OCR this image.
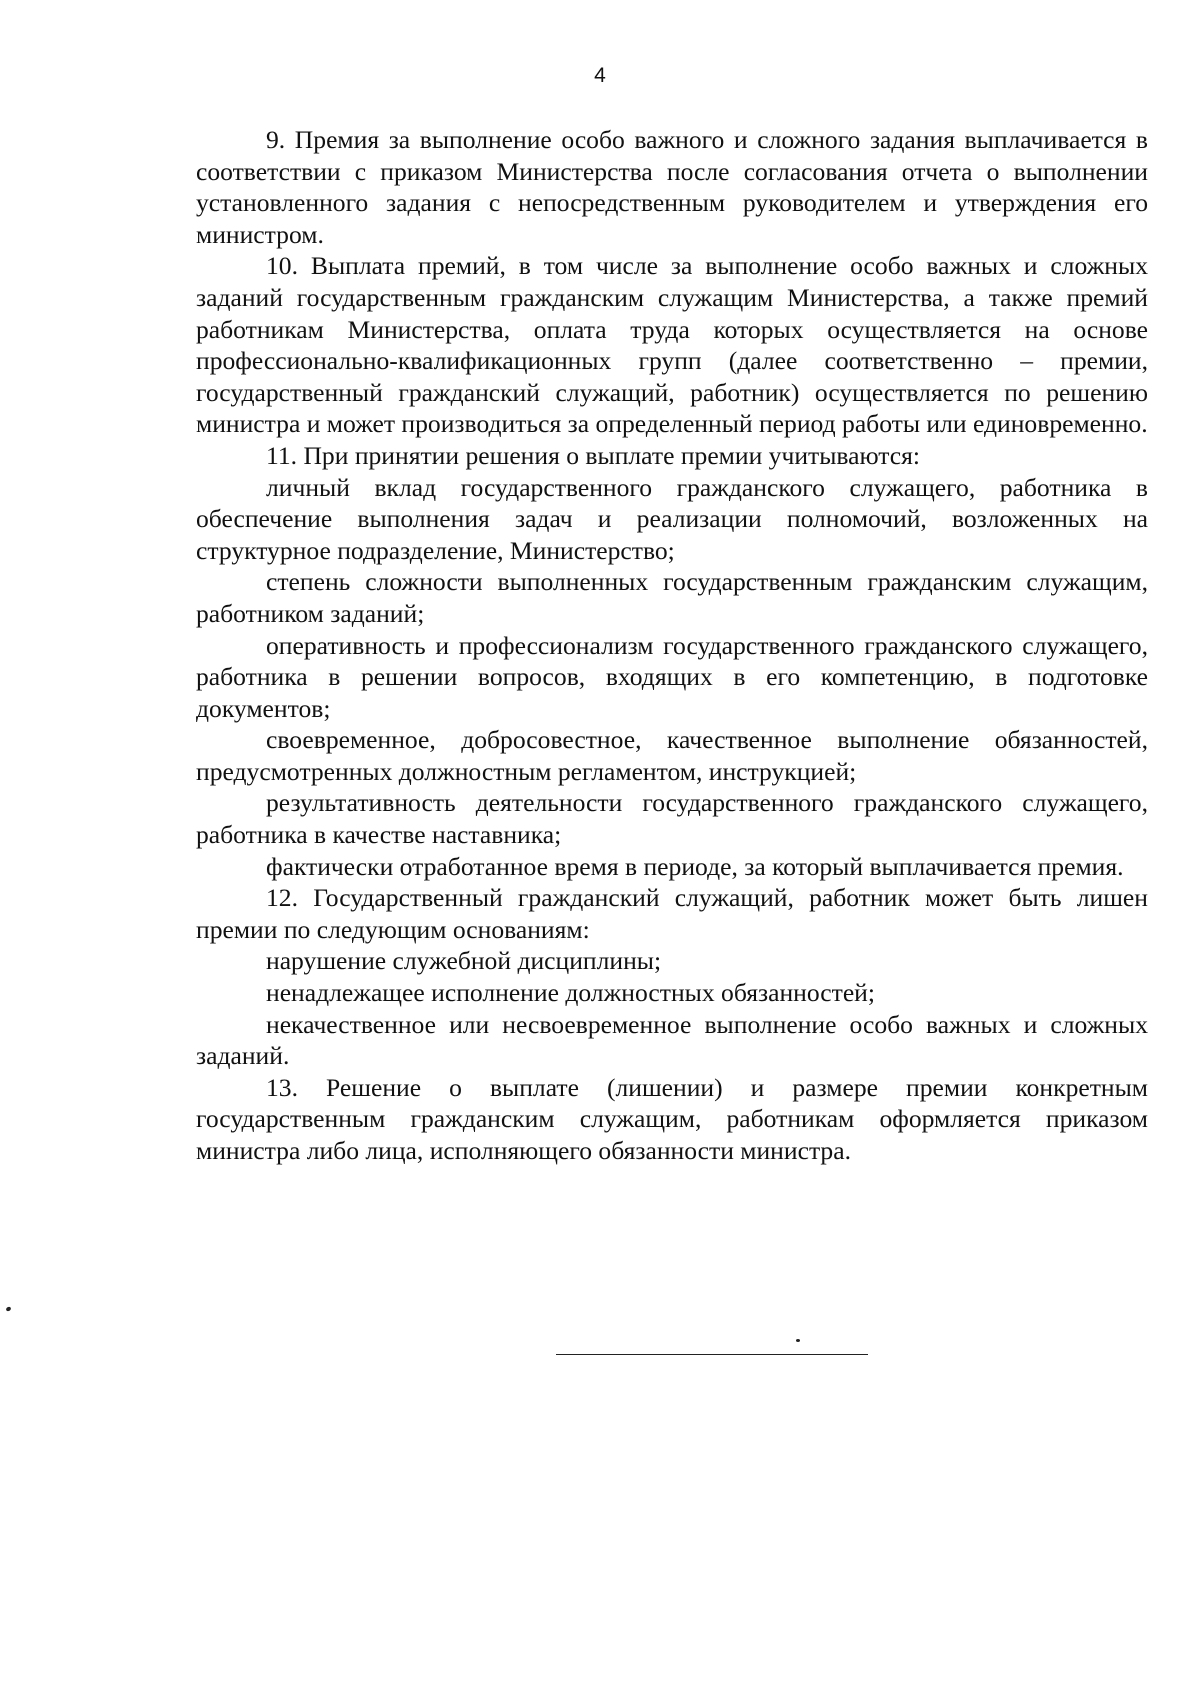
4

9. Премия за выполнение особо важного и сложного задания выплачивается в соответствии с приказом Министерства после согласования отчета о выполнении установленного задания с непосредственным руководителем и утверждения его министром.

10. Выплата премий, в том числе за выполнение особо важных и сложных заданий государственным гражданским служащим Министерства, а также премий работникам Министерства, оплата труда которых осуществляется на основе профессионально-квалификационных групп (далее соответственно – премии, государственный гражданский служащий, работник) осуществляется по решению министра и может производиться за определенный период работы или единовременно.

11. При принятии решения о выплате премии учитываются:

личный вклад государственного гражданского служащего, работника в обеспечение выполнения задач и реализации полномочий, возложенных на структурное подразделение, Министерство;

степень сложности выполненных государственным гражданским служащим, работником заданий;

оперативность и профессионализм государственного гражданского служащего, работника в решении вопросов, входящих в его компетенцию, в подготовке документов;

своевременное, добросовестное, качественное выполнение обязанностей, предусмотренных должностным регламентом, инструкцией;

результативность деятельности государственного гражданского служащего, работника в качестве наставника;

фактически отработанное время в периоде, за который выплачивается премия.

12. Государственный гражданский служащий, работник может быть лишен премии по следующим основаниям:

нарушение служебной дисциплины;

ненадлежащее исполнение должностных обязанностей;

некачественное или несвоевременное выполнение особо важных и сложных заданий.

13. Решение о выплате (лишении) и размере премии конкретным государственным гражданским служащим, работникам оформляется приказом министра либо лица, исполняющего обязанности министра.
